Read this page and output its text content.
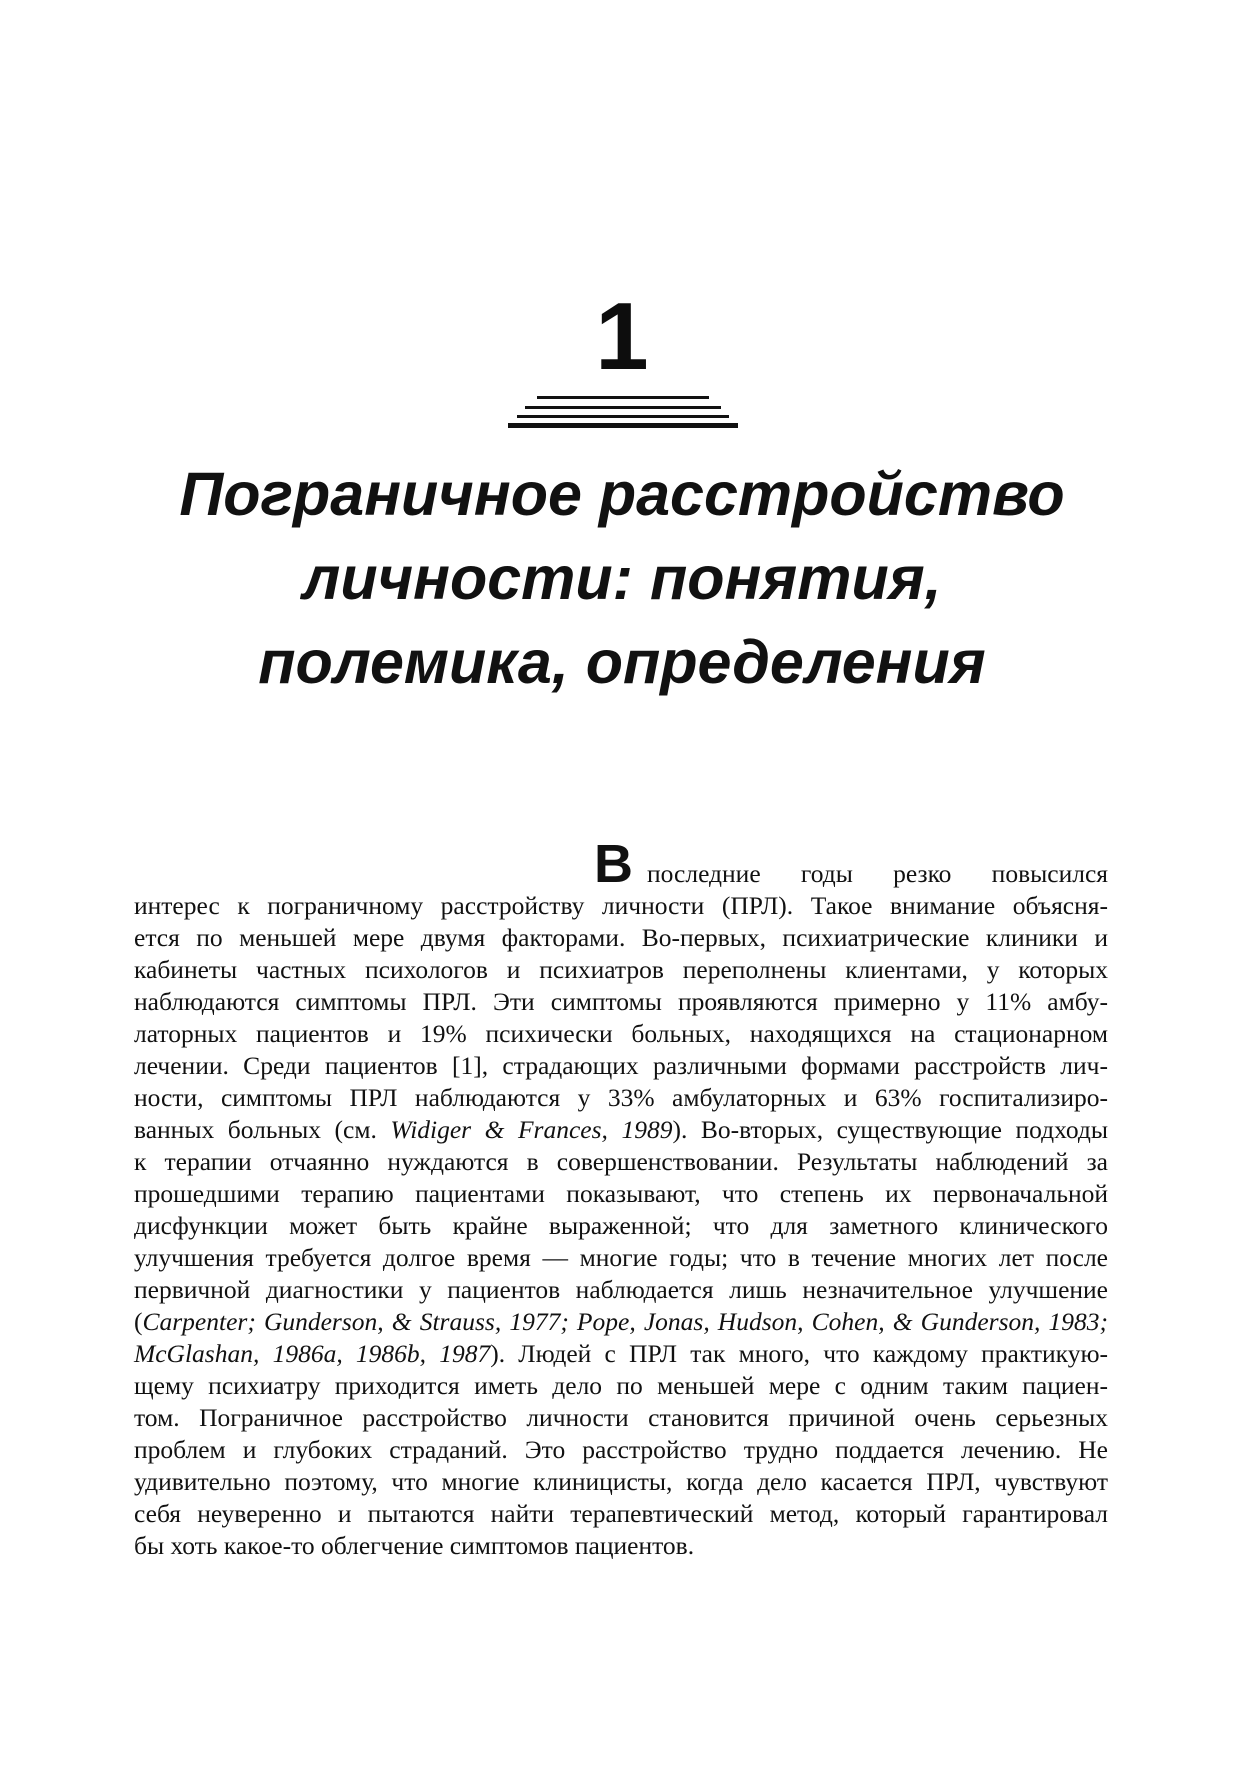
1
Пограничное расстройство
личности: понятия,
полемика, определения
Впоследние годы резко повысился
интерес к пограничному расстройству личности (ПРЛ). Такое внимание объясня-
ется по меньшей мере двумя факторами. Во-первых, психиатрические клиники и
кабинеты частных психологов и психиатров переполнены клиентами, у которых
наблюдаются симптомы ПРЛ. Эти симптомы проявляются примерно у 11% амбу-
латорных пациентов и 19% психически больных, находящихся на стационарном
лечении. Среди пациентов [1], страдающих различными формами расстройств лич-
ности, симптомы ПРЛ наблюдаются у 33% амбулаторных и 63% госпитализиро-
ванных больных (см. Widiger & Frances, 1989). Во-вторых, существующие подходы
к терапии отчаянно нуждаются в совершенствовании. Результаты наблюдений за
прошедшими терапию пациентами показывают, что степень их первоначальной
дисфункции может быть крайне выраженной; что для заметного клинического
улучшения требуется долгое время — многие годы; что в течение многих лет после
первичной диагностики у пациентов наблюдается лишь незначительное улучшение
(Carpenter; Gunderson, & Strauss, 1977; Pope, Jonas, Hudson, Cohen, & Gunderson, 1983;
McGlashan, 1986a, 1986b, 1987). Людей с ПРЛ так много, что каждому практикую-
щему психиатру приходится иметь дело по меньшей мере с одним таким пациен-
том. Пограничное расстройство личности становится причиной очень серьезных
проблем и глубоких страданий. Это расстройство трудно поддается лечению. Не
удивительно поэтому, что многие клиницисты, когда дело касается ПРЛ, чувствуют
себя неуверенно и пытаются найти терапевтический метод, который гарантировал
бы хоть какое-то облегчение симптомов пациентов.
